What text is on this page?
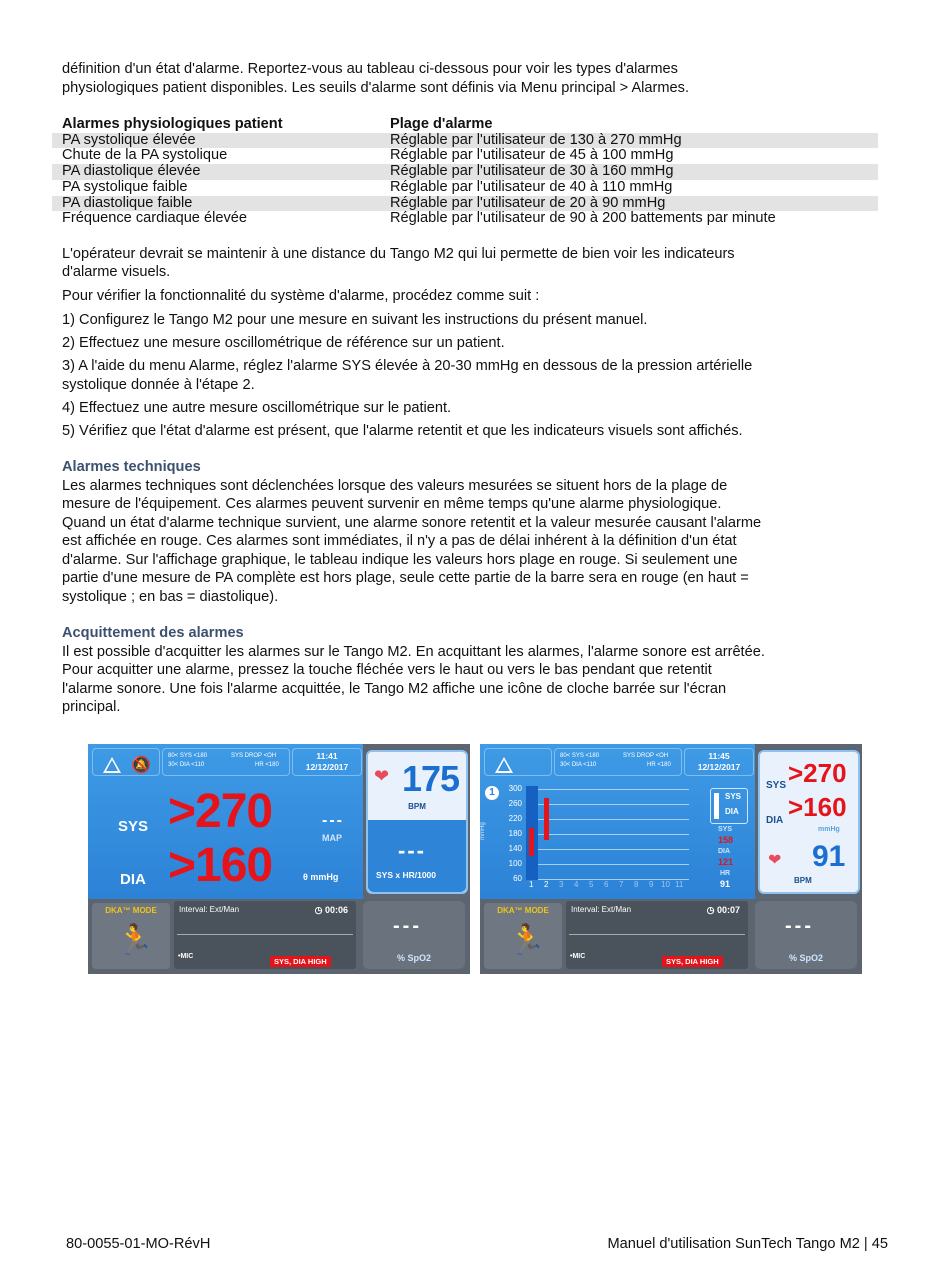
définition d'un état d'alarme. Reportez-vous au tableau ci-dessous pour voir les types d'alarmes

physiologiques patient disponibles. Les seuils d'alarme sont définis via Menu principal > Alarmes.

Alarmes physiologiques patient	Plage d'alarme
PA systolique élevée	Réglable par l'utilisateur de 130 à 270 mmHg
Chute de la PA systolique	Réglable par l'utilisateur de 45 à 100 mmHg
PA diastolique élevée	Réglable par l'utilisateur de 30 à 160 mmHg
PA systolique faible	Réglable par l'utilisateur de 40 à 110 mmHg
PA diastolique faible	Réglable par l'utilisateur de 20 à 90 mmHg
Fréquence cardiaque élevée	Réglable par l'utilisateur de 90 à 200 battements par minute

L'opérateur devrait se maintenir à une distance du Tango M2 qui lui permette de bien voir les indicateurs

d'alarme visuels.

Pour vérifier la fonctionnalité du système d'alarme, procédez comme suit :

1) Configurez le Tango M2 pour une mesure en suivant les instructions du présent manuel.

2) Effectuez une mesure oscillométrique de référence sur un patient.

3) A l'aide du menu Alarme, réglez l'alarme SYS élevée à 20-30 mmHg en dessous de la pression artérielle

systolique donnée à l'étape 2.

4) Effectuez une autre mesure oscillométrique sur le patient.

5) Vérifiez que l'état d'alarme est présent, que l'alarme retentit et que les indicateurs visuels sont affichés.

Alarmes techniques

Les alarmes techniques sont déclenchées lorsque des valeurs mesurées se situent hors de la plage de

mesure de l'équipement. Ces alarmes peuvent survenir en même temps qu'une alarme physiologique.

Quand un état d'alarme technique survient, une alarme sonore retentit et la valeur mesurée causant l'alarme

est affichée en rouge. Ces alarmes sont immédiates, il n'y a pas de délai inhérent à la définition d'un état

d'alarme. Sur l'affichage graphique, le tableau indique les valeurs hors plage en rouge. Si seulement une

partie d'une mesure de PA complète est hors plage, seule cette partie de la barre sera en rouge (en haut =

systolique ; en bas = diastolique).

Acquittement des alarmes

Il est possible d'acquitter les alarmes sur le Tango M2. En acquittant les alarmes, l'alarme sonore est arrêtée.

Pour acquitter une alarme, pressez la touche fléchée vers le haut ou vers le bas pendant que retentit

l'alarme sonore. Une fois l'alarme acquittée, le Tango M2 affiche une icône de cloche barrée sur l'écran

principal.

🔕
80< SYS <180
30< DIA <110
SYS DROP <OH
HR <180
11:41
12/12/2017
SYS >270
DIA >160
---
MAP
θ mmHg
❤ 175
BPM
---
SYS x HR/1000
DKA™ MODE
🏃
Interval: Ext/Man	◷ 00:06
•MIC
SYS, DIA HIGH
---
% SpO2
80< SYS <180
30< DIA <110
SYS DROP <OH
HR <180
11:45
12/12/2017
1
mmHg
300
260
220
180
140
100
60
1 2 3 4 5 6 7 8 9 10 11
SYS
DIA
SYS
158
DIA
121
HR
91
SYS >270
DIA >160
mmHg
❤ 91
BPM
DKA™ MODE
🏃
Interval: Ext/Man	◷ 00:07
•MIC
SYS, DIA HIGH
---
% SpO2
80-0055-01-MO-RévH	Manuel d'utilisation SunTech Tango M2 | 45
